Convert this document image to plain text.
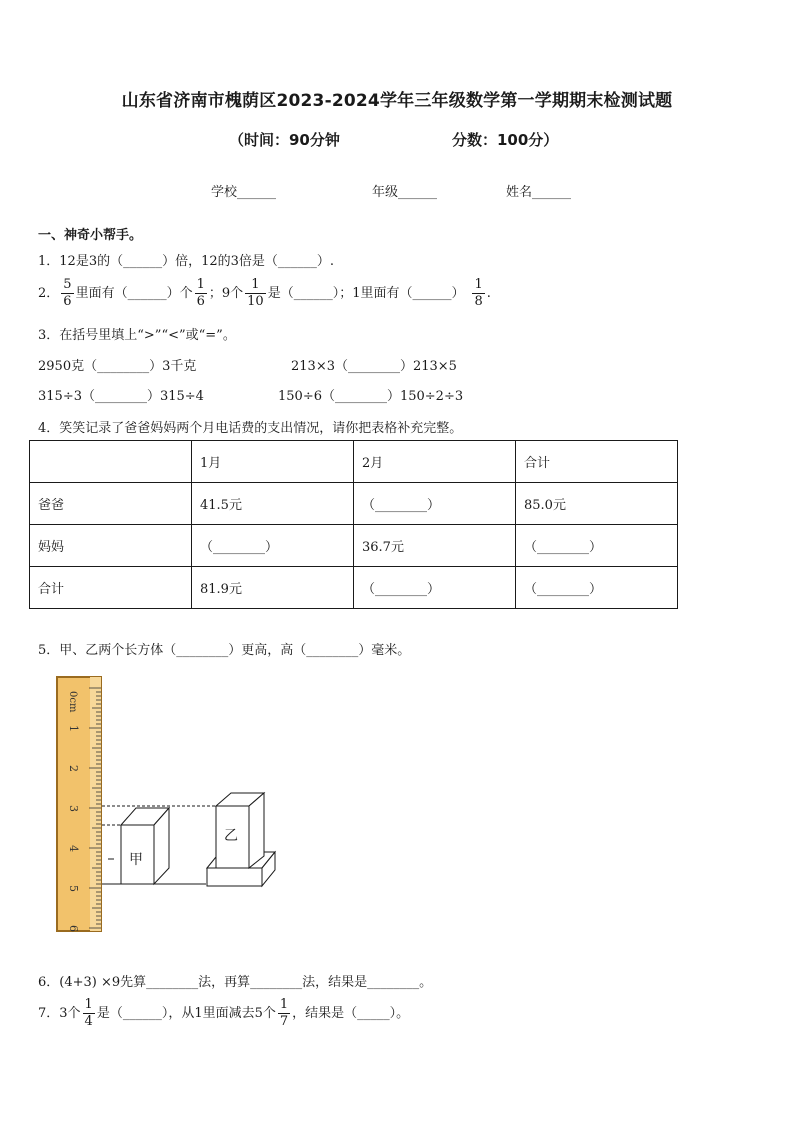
山东省济南市槐荫区2023-2024学年三年级数学第一学期期末检测试题
（时间：90分钟	分数：100分）
学校______	年级______	姓名______
一、神奇小帮手。
1．12是3的（______）倍，12的3倍是（______）.
2． $\frac{5}{6}$ 里面有（______）个 $\frac{1}{6}$ ；9个 $\frac{1}{10}$ 是（______）；1里面有（______） $\frac{1}{8}$ .
3．在括号里填上“>”“<”或“=”。
2950克（________）3千克	213×3（________）213×5
315÷3（________）315÷4	150÷6（________）150÷2÷3
4．笑笑记录了爸爸妈妈两个月电话费的支出情况，请你把表格补充完整。
	1月	2月	合计
爸爸	41.5元	（________）	85.0元
妈妈	（________）	36.7元	（________）
合计	81.9元	（________）	（________）
5．甲、乙两个长方体（________）更高，高（________）毫米。
0cm
1
2
3
4
5
6
甲
乙
6．(4+3) ×9先算________法，再算________法，结果是________。
7．3个 $\frac{1}{4}$ 是（______），从1里面减去5个 $\frac{1}{7}$ ，结果是（_____）。
